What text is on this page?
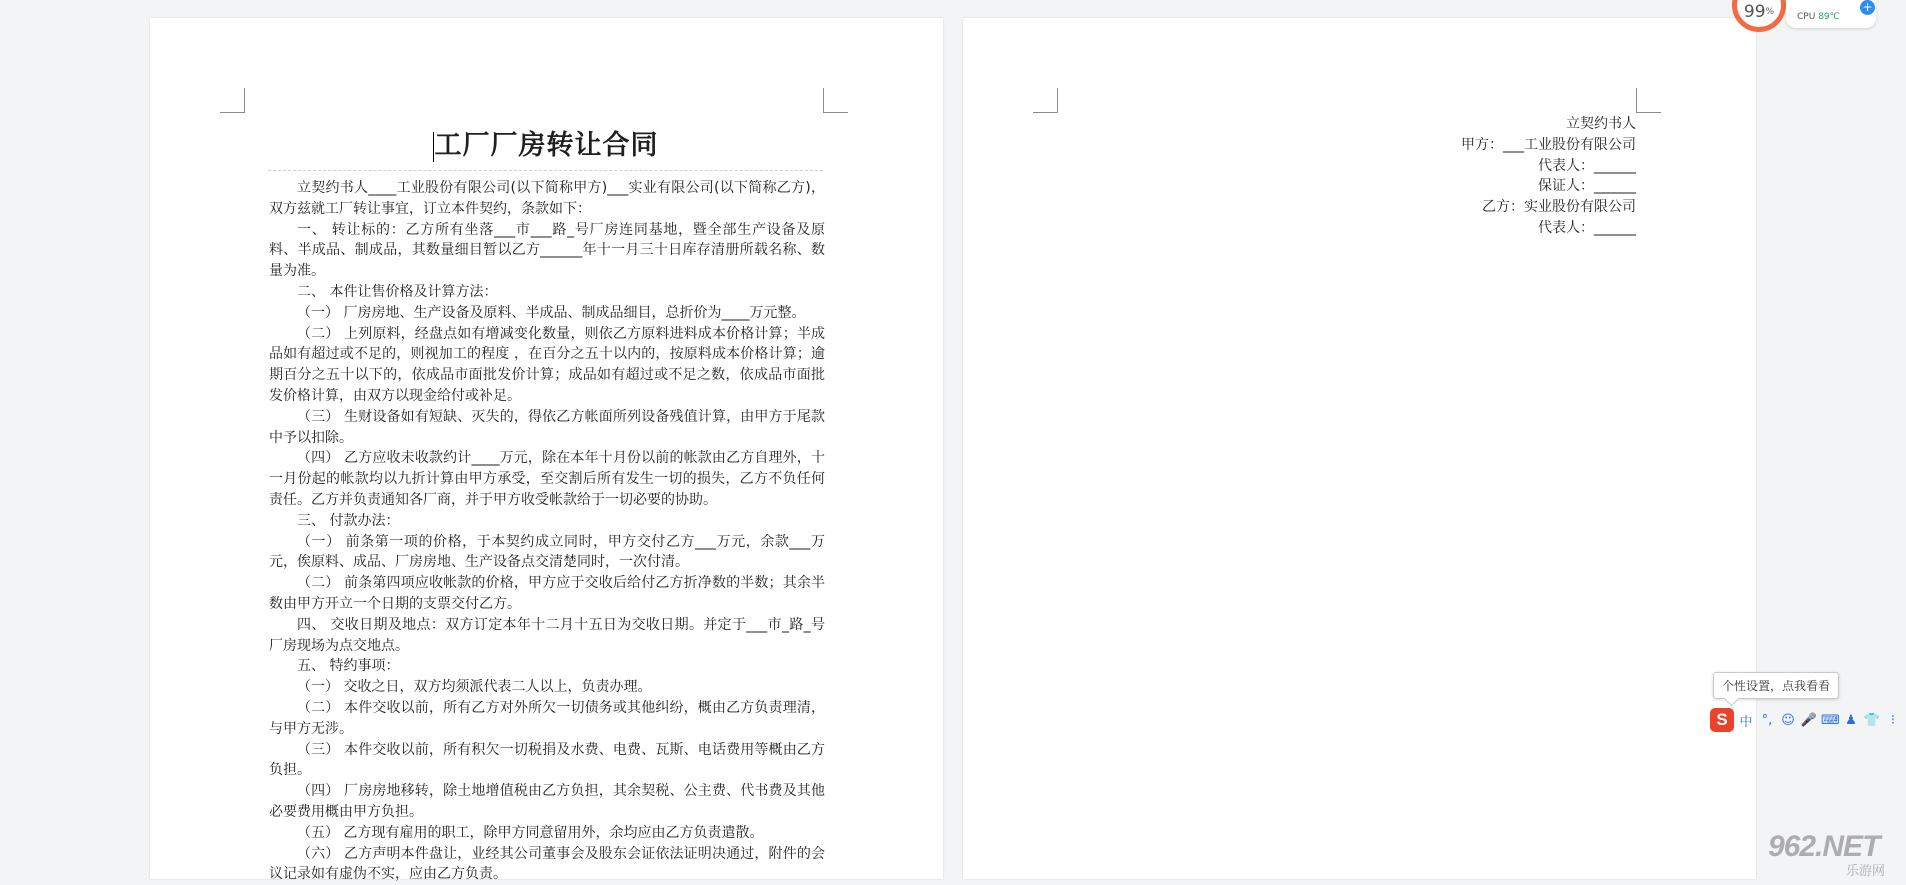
工厂厂房转让合同

立契约书人____工业股份有限公司(以下简称甲方)___实业有限公司(以下简称乙方)，双方兹就工厂转让事宜，订立本件契约，条款如下：

一、 转让标的：乙方所有坐落___市___路_号厂房连同基地，暨全部生产设备及原料、半成品、制成品，其数量细目暂以乙方______年十一月三十日库存清册所载名称、数量为准。

二、 本件让售价格及计算方法：

（一） 厂房房地、生产设备及原料、半成品、制成品细目，总折价为____万元整。

（二） 上列原料，经盘点如有增减变化数量，则依乙方原料进料成本价格计算；半成品如有超过或不足的，则视加工的程度 ，在百分之五十以内的，按原料成本价格计算；逾期百分之五十以下的，依成品市面批发价计算；成品如有超过或不足之数，依成品市面批发价格计算，由双方以现金给付或补足。

（三） 生财设备如有短缺、灭失的，得依乙方帐面所列设备残值计算，由甲方于尾款中予以扣除。

（四） 乙方应收未收款约计____万元，除在本年十月份以前的帐款由乙方自理外，十一月份起的帐款均以九折计算由甲方承受，至交割后所有发生一切的损失，乙方不负任何责任。乙方并负责通知各厂商，并于甲方收受帐款给于一切必要的协助。

三、 付款办法：

（一） 前条第一项的价格，于本契约成立同时，甲方交付乙方___万元，余款___万元，俟原料、成品、厂房房地、生产设备点交清楚同时，一次付清。

（二） 前条第四项应收帐款的价格，甲方应于交收后给付乙方折净数的半数；其余半数由甲方开立一个日期的支票交付乙方。

四、 交收日期及地点：双方订定本年十二月十五日为交收日期。并定于___市_路_号厂房现场为点交地点。

五、 特约事项：

（一） 交收之日，双方均须派代表二人以上，负责办理。

（二） 本件交收以前，所有乙方对外所欠一切债务或其他纠纷，概由乙方负责理清，与甲方无涉。

（三） 本件交收以前，所有积欠一切税捐及水费、电费、瓦斯、电话费用等概由乙方负担。

（四） 厂房房地移转，除土地增值税由乙方负担，其余契税、公主费、代书费及其他必要费用概由甲方负担。

（五） 乙方现有雇用的职工，除甲方同意留用外，余均应由乙方负责遣散。

（六） 乙方声明本件盘让，业经其公司董事会及股东会证依法证明决通过，附件的会议记录如有虚伪不实，应由乙方负责。

立契约书人
甲方：___工业股份有限公司
代表人：______
保证人：______
乙方：实业股份有限公司
代表人：______
99 %	CPU 89℃
+
个性设置，点我看看
S 中 °, ☺ 🎤 ⌨ ♟ 👕 ⁝
962.NET
乐游网
